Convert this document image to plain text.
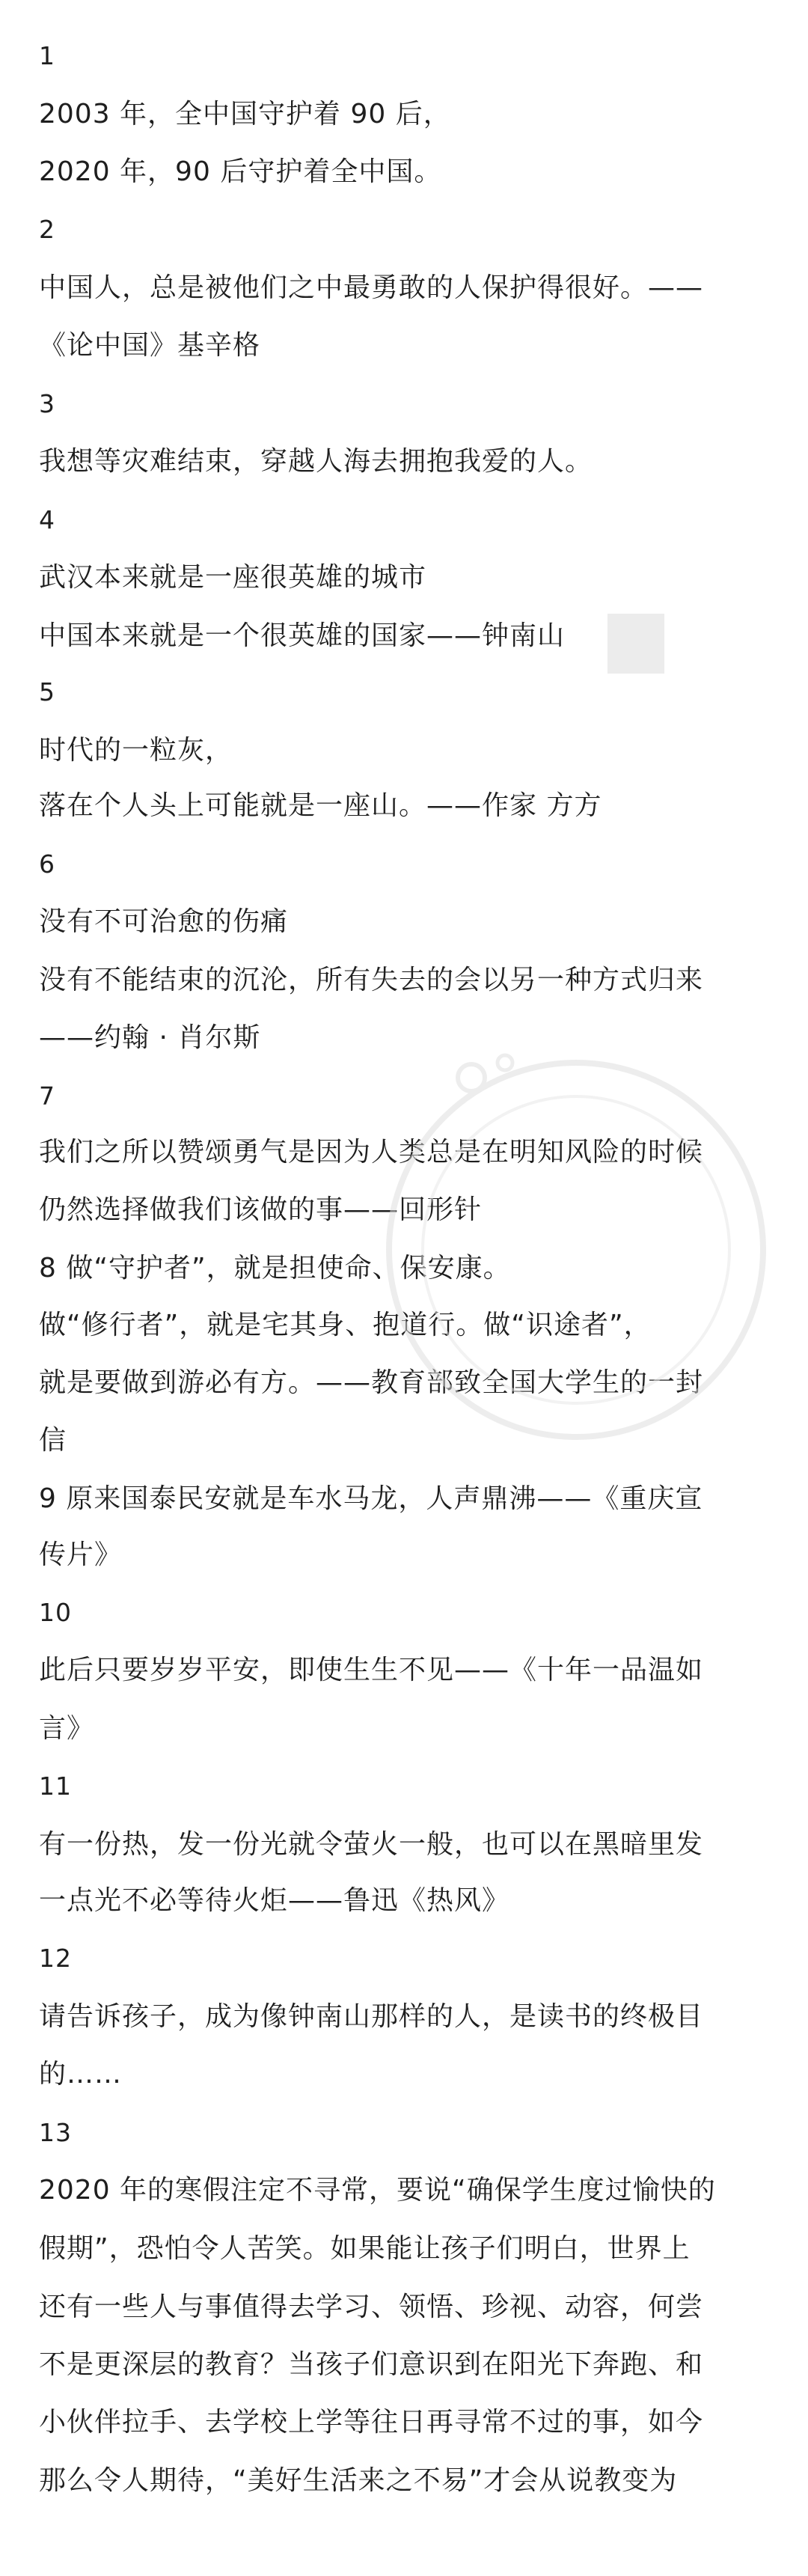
1
2003 年，全中国守护着 90 后，
2020 年，90 后守护着全中国。
2
中国人，总是被他们之中最勇敢的人保护得很好。——
《论中国》基辛格
3
我想等灾难结束，穿越人海去拥抱我爱的人。
4
武汉本来就是一座很英雄的城市
中国本来就是一个很英雄的国家——钟南山
5
时代的一粒灰，
落在个人头上可能就是一座山。——作家 方方
6
没有不可治愈的伤痛
没有不能结束的沉沦，所有失去的会以另一种方式归来
——约翰 · 肖尔斯
7
我们之所以赞颂勇气是因为人类总是在明知风险的时候
仍然选择做我们该做的事——回形针
8 做“守护者”，就是担使命、保安康。
做“修行者”，就是宅其身、抱道行。做“识途者”，
就是要做到游必有方。——教育部致全国大学生的一封
信
9 原来国泰民安就是车水马龙，人声鼎沸——《重庆宣
传片》
10
此后只要岁岁平安，即使生生不见——《十年一品温如
言》
11
有一份热，发一份光就令萤火一般，也可以在黑暗里发
一点光不必等待火炬——鲁迅《热风》
12
请告诉孩子，成为像钟南山那样的人，是读书的终极目
的……
13
2020 年的寒假注定不寻常，要说“确保学生度过愉快的
假期”，恐怕令人苦笑。如果能让孩子们明白，世界上
还有一些人与事值得去学习、领悟、珍视、动容，何尝
不是更深层的教育？当孩子们意识到在阳光下奔跑、和
小伙伴拉手、去学校上学等往日再寻常不过的事，如今
那么令人期待，“美好生活来之不易”才会从说教变为
